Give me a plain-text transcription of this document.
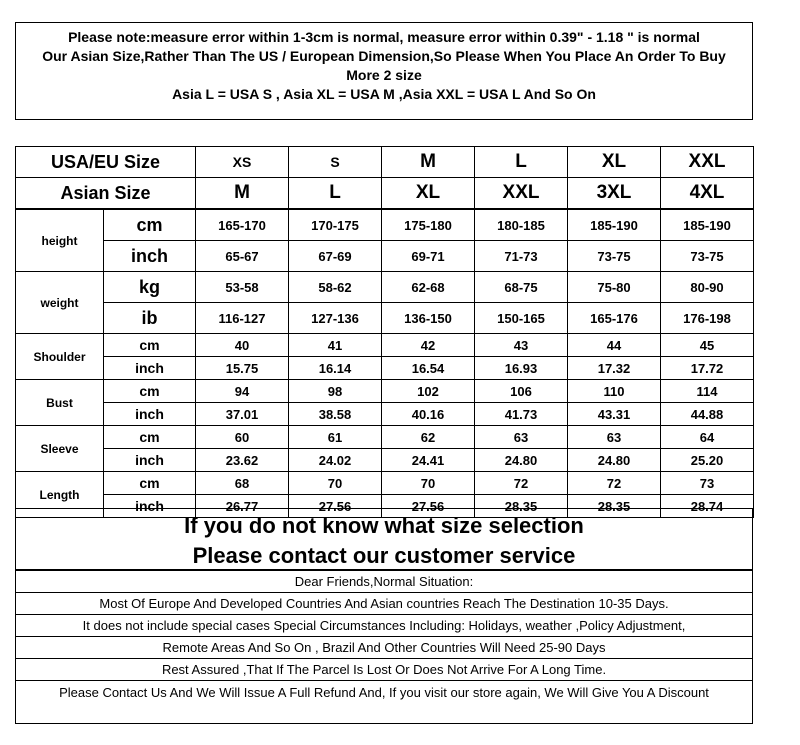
Please note:measure error within 1-3cm is normal, measure error within 0.39" - 1.18 " is normal
Our Asian Size,Rather Than The US / European Dimension,So Please When You Place An Order To Buy
More 2 size
Asia L = USA S , Asia XL = USA M ,Asia XXL = USA L And So On
USA/EU Size		XS	S	M	L	XL	XXL
Asian Size		M	L	XL	XXL	3XL	4XL
height	cm	165-170	170-175	175-180	180-185	185-190	185-190
	inch	65-67	67-69	69-71	71-73	73-75	73-75
weight	kg	53-58	58-62	62-68	68-75	75-80	80-90
	ib	116-127	127-136	136-150	150-165	165-176	176-198
Shoulder	cm	40	41	42	43	44	45
	inch	15.75	16.14	16.54	16.93	17.32	17.72
Bust	cm	94	98	102	106	110	114
	inch	37.01	38.58	40.16	41.73	43.31	44.88
Sleeve	cm	60	61	62	63	63	64
	inch	23.62	24.02	24.41	24.80	24.80	25.20
Length	cm	68	70	70	72	72	73
	inch	26.77	27.56	27.56	28.35	28.35	28.74
If you do not know what size selection
Please contact our customer service
Dear Friends,Normal Situation:
Most Of Europe And Developed Countries And Asian countries Reach The Destination 10-35 Days.
It does not include special cases Special Circumstances Including: Holidays, weather ,Policy Adjustment,
Remote Areas And So On , Brazil And Other Countries Will Need 25-90 Days
Rest Assured ,That If The Parcel Is Lost Or Does Not Arrive For A Long Time.
Please Contact Us And We Will Issue A Full Refund And, If you visit our store again, We Will Give You A Discount
